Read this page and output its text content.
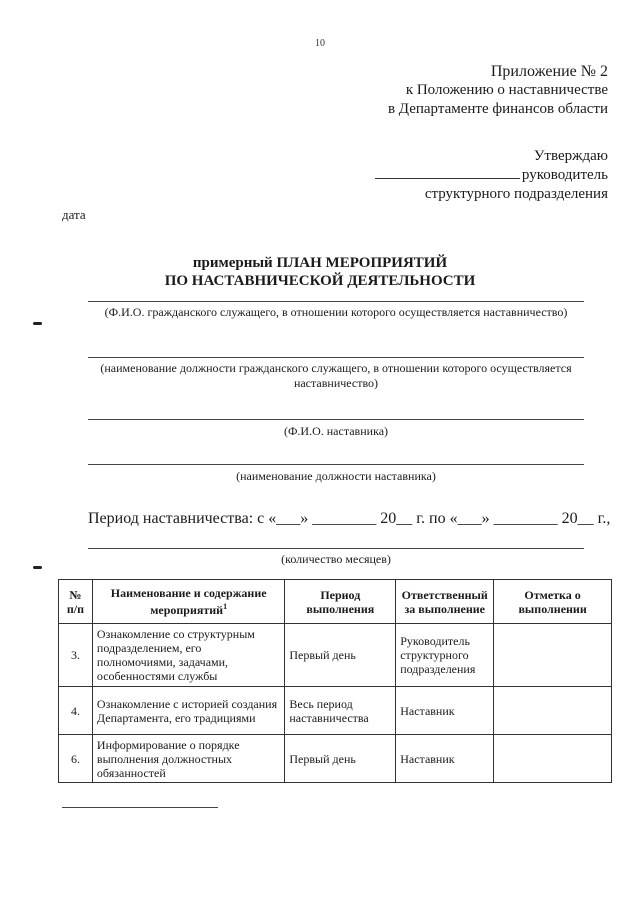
10
Приложение № 2
к Положению о наставничестве
в Департаменте финансов области
Утверждаю
руководитель
структурного подразделения
дата
примерный ПЛАН МЕРОПРИЯТИЙ
ПО НАСТАВНИЧЕСКОЙ ДЕЯТЕЛЬНОСТИ
(Ф.И.О. гражданского служащего, в отношении которого осуществляется наставничество)
(наименование должности гражданского служащего, в отношении которого осуществляется наставничество)
(Ф.И.О. наставника)
(наименование должности наставника)
Период наставничества: с «___» ________ 20__ г. по «___» ________ 20__ г.,
(количество месяцев)
№ п/п	Наименование и содержание мероприятий$^1$	Период выполнения	Ответственный за выполнение	Отметка о выполнении
3.	Ознакомление со структурным подразделением, его полномочиями, задачами, особенностями службы	Первый день	Руководитель структурного подразделения	
4.	Ознакомление с историей создания Департамента, его традициями	Весь период наставничества	Наставник	
6.	Информирование о порядке выполнения должностных обязанностей	Первый день	Наставник	
